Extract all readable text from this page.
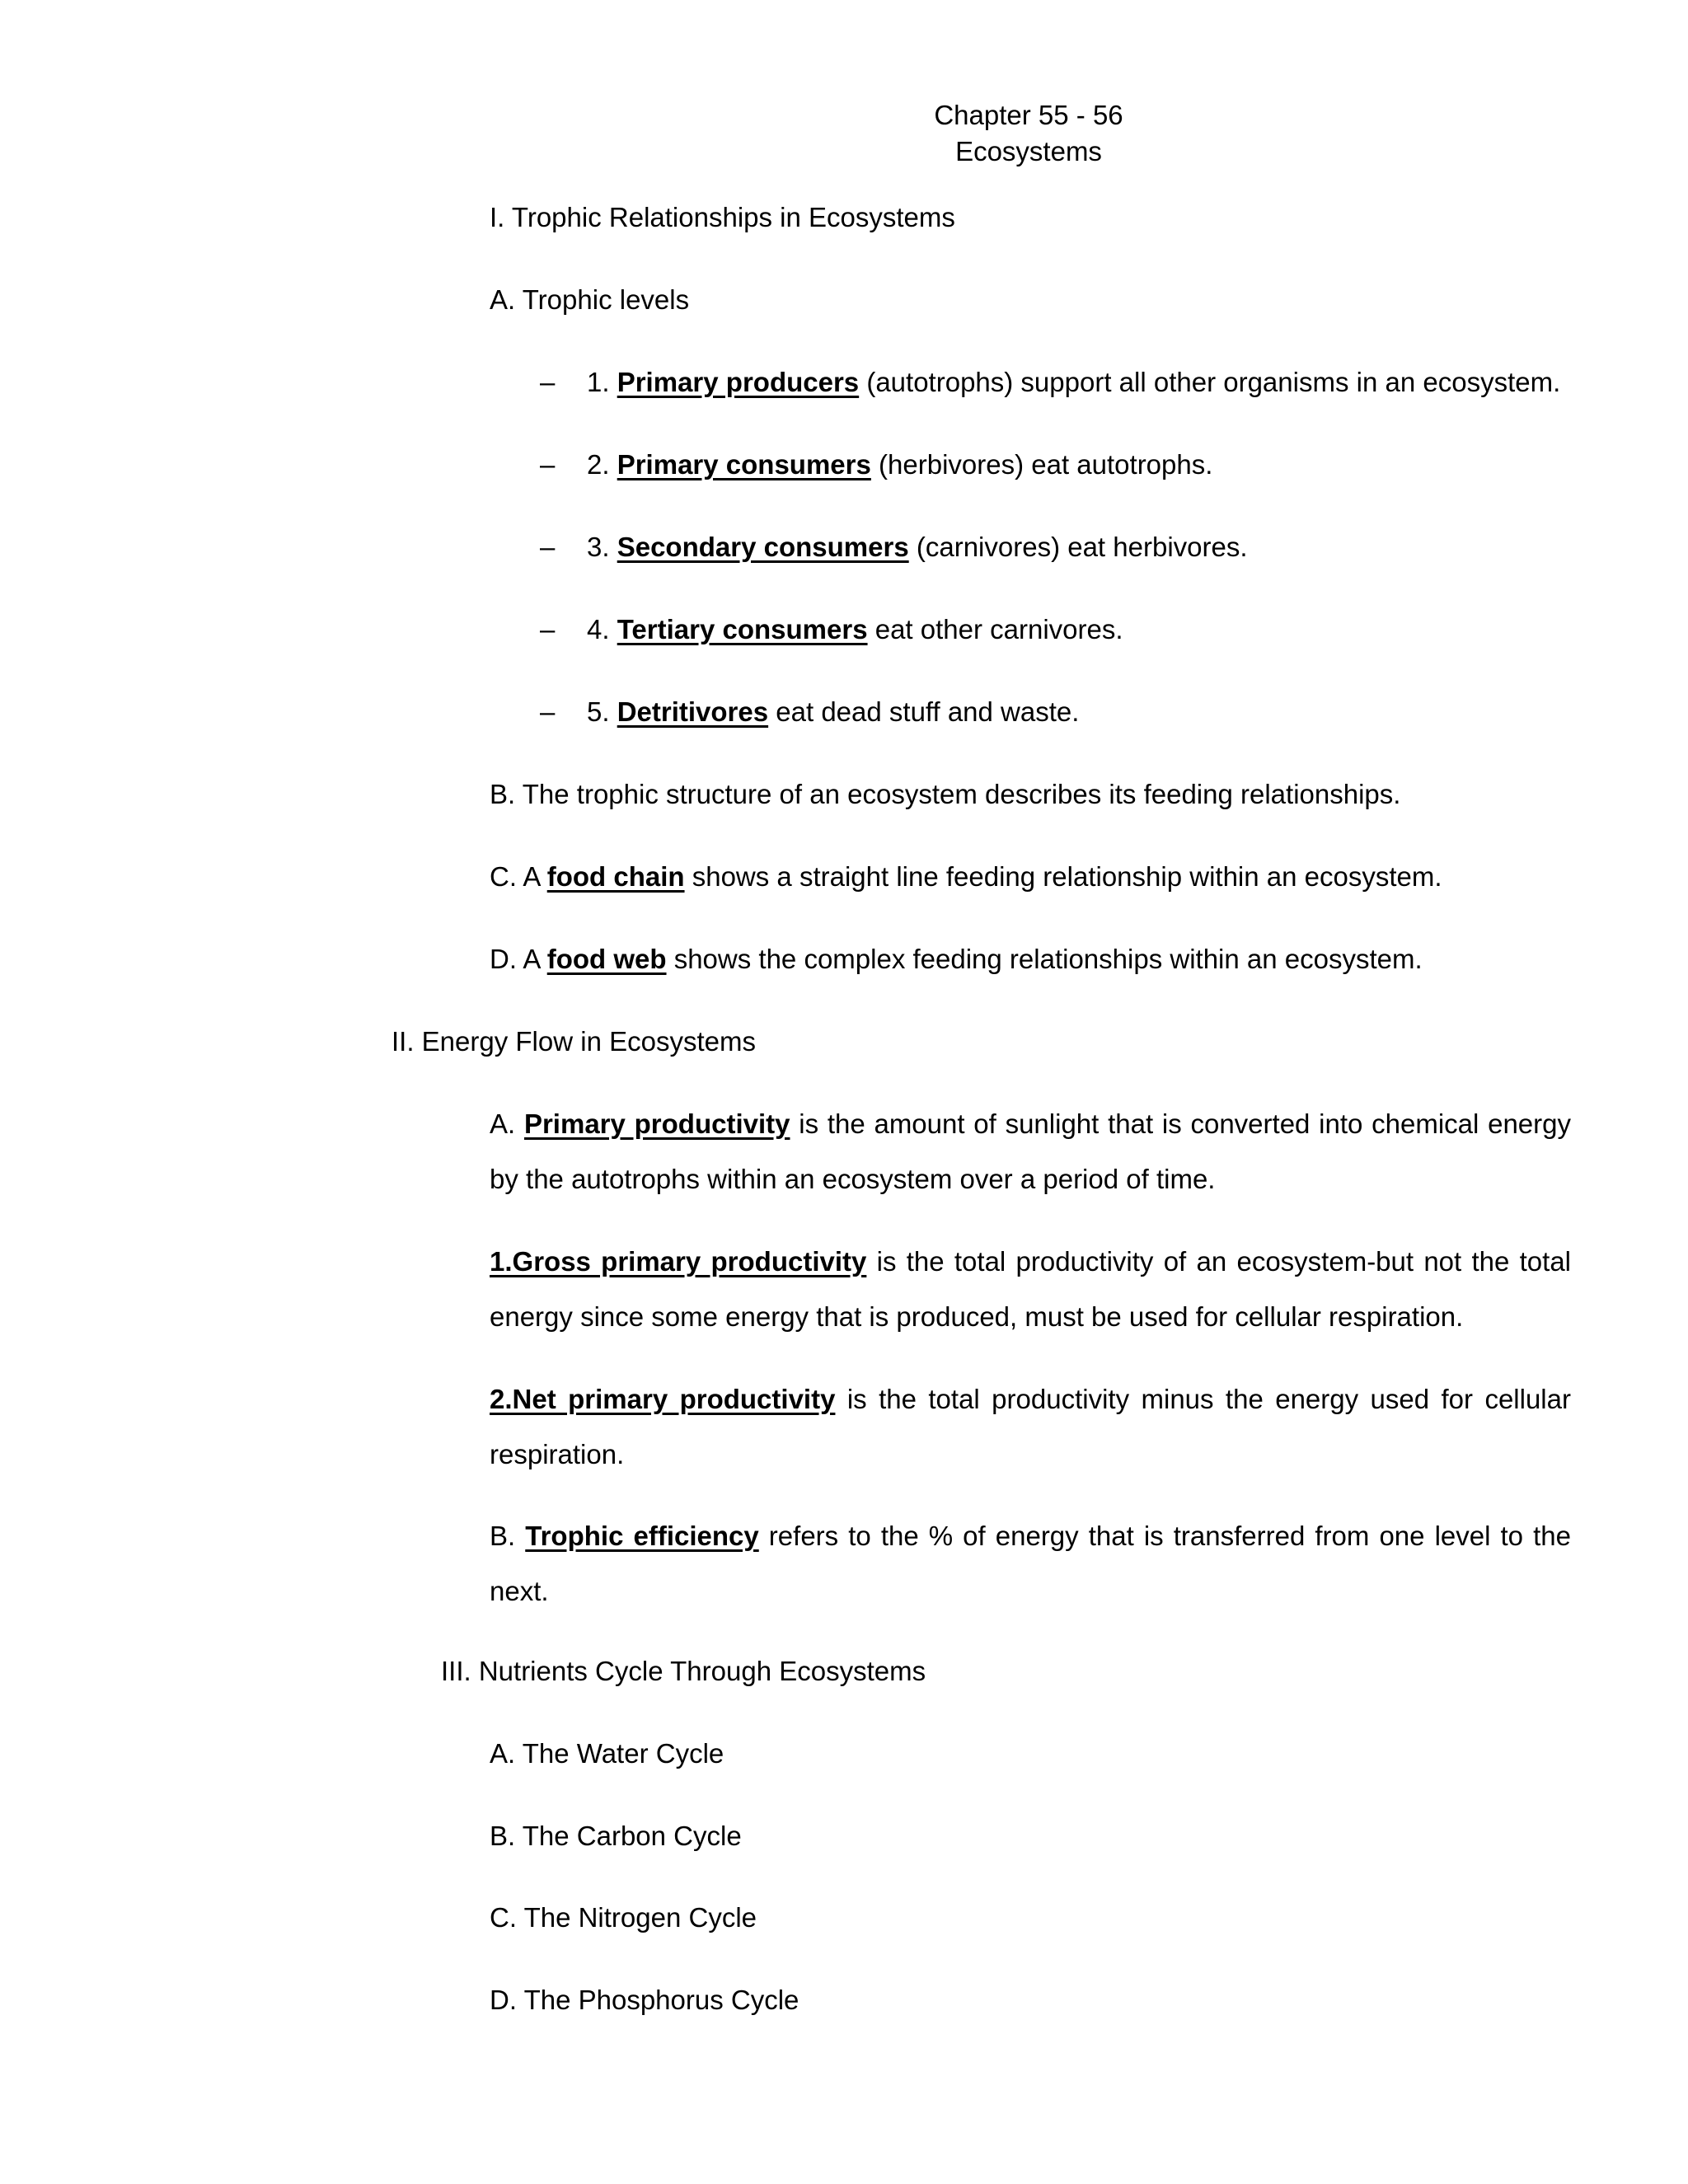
Chapter 55 - 56
Ecosystems
I. Trophic Relationships in Ecosystems
A. Trophic levels
– 1. Primary producers (autotrophs) support all other organisms in an ecosystem.
– 2. Primary consumers (herbivores) eat autotrophs.
– 3. Secondary consumers (carnivores) eat herbivores.
– 4. Tertiary consumers eat other carnivores.
– 5. Detritivores eat dead stuff and waste.
B. The trophic structure of an ecosystem describes its feeding relationships.
C. A food chain shows a straight line feeding relationship within an ecosystem.
D. A food web shows the complex feeding relationships within an ecosystem.
II. Energy Flow in Ecosystems
A. Primary productivity is the amount of sunlight that is converted into chemical energy by the autotrophs within an ecosystem over a period of time.
1.Gross primary productivity is the total productivity of an ecosystem-but not the total energy since some energy that is produced, must be used for cellular respiration.
2.Net primary productivity is the total productivity minus the energy used for cellular respiration.
B. Trophic efficiency refers to the % of energy that is transferred from one level to the next.
III. Nutrients Cycle Through Ecosystems
A. The Water Cycle
B. The Carbon Cycle
C. The Nitrogen Cycle
D. The Phosphorus Cycle
